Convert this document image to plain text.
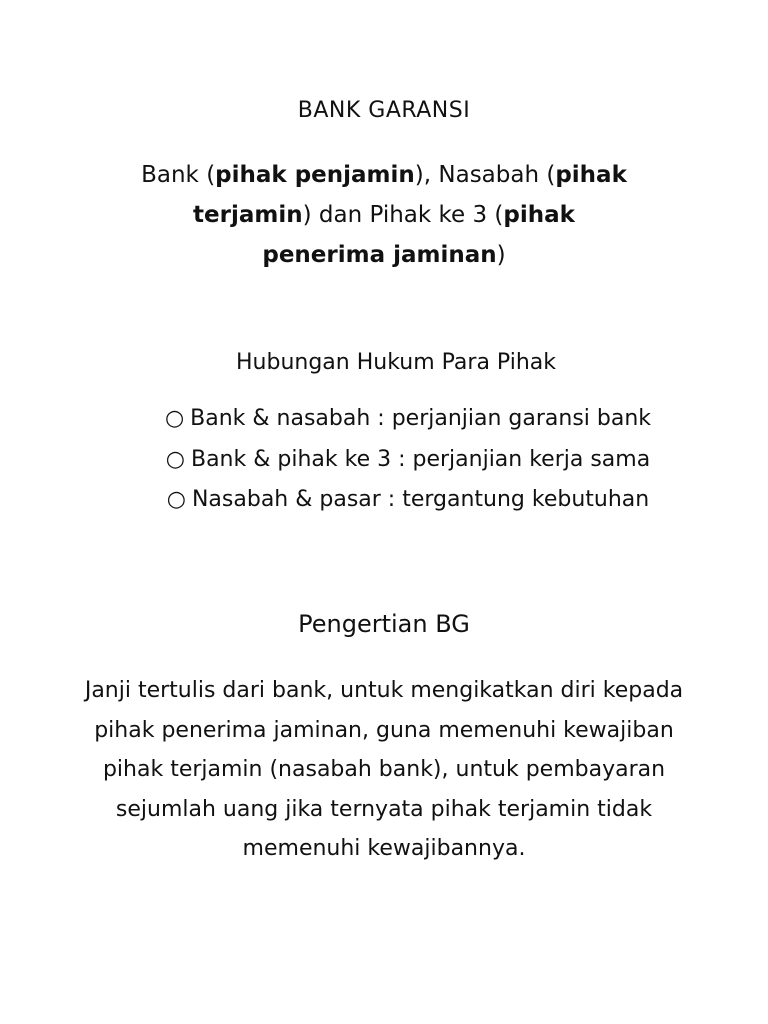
BANK GARANSI
Bank (pihak penjamin), Nasabah (pihak terjamin) dan Pihak ke 3 (pihak penerima jaminan)
Hubungan Hukum Para Pihak
○ Bank & nasabah : perjanjian garansi bank
○ Bank & pihak ke 3 : perjanjian kerja sama
○ Nasabah & pasar : tergantung kebutuhan
Pengertian BG
Janji tertulis dari bank, untuk mengikatkan diri kepada pihak penerima jaminan, guna memenuhi kewajiban pihak terjamin (nasabah bank), untuk pembayaran sejumlah uang jika ternyata pihak terjamin tidak memenuhi kewajibannya.
